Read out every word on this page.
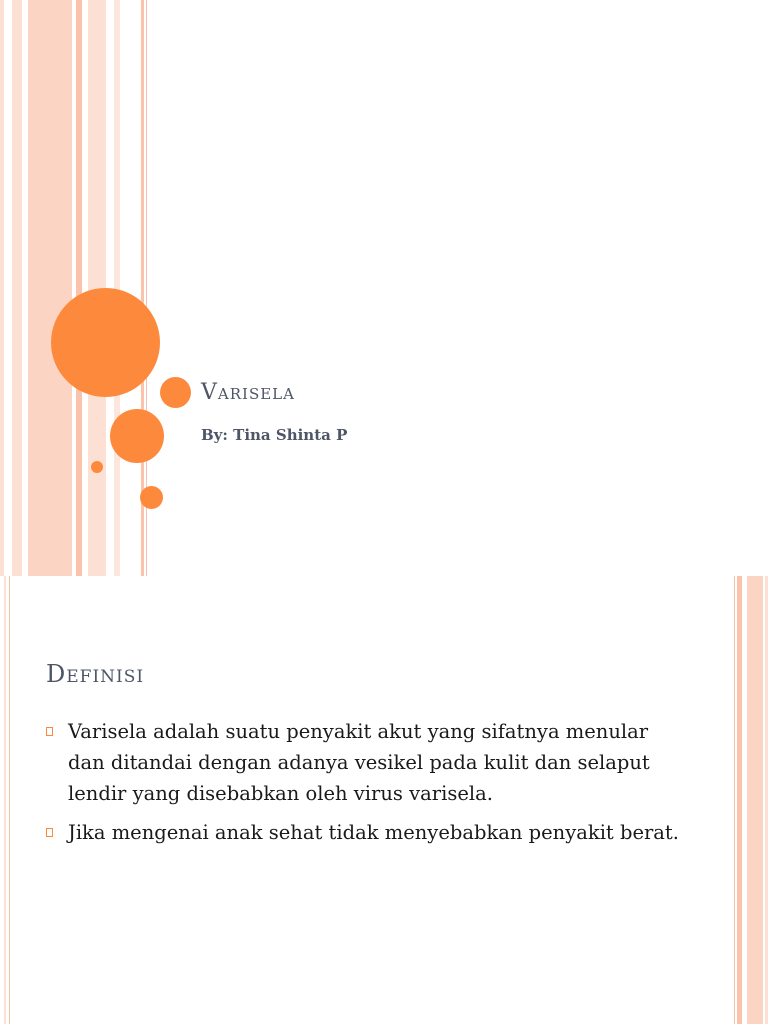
Varisela
By: Tina Shinta P
Definisi
Varisela adalah suatu penyakit akut yang sifatnya menular dan ditandai dengan adanya vesikel pada kulit dan selaput lendir yang disebabkan oleh virus varisela.
Jika mengenai anak sehat tidak menyebabkan penyakit berat.
